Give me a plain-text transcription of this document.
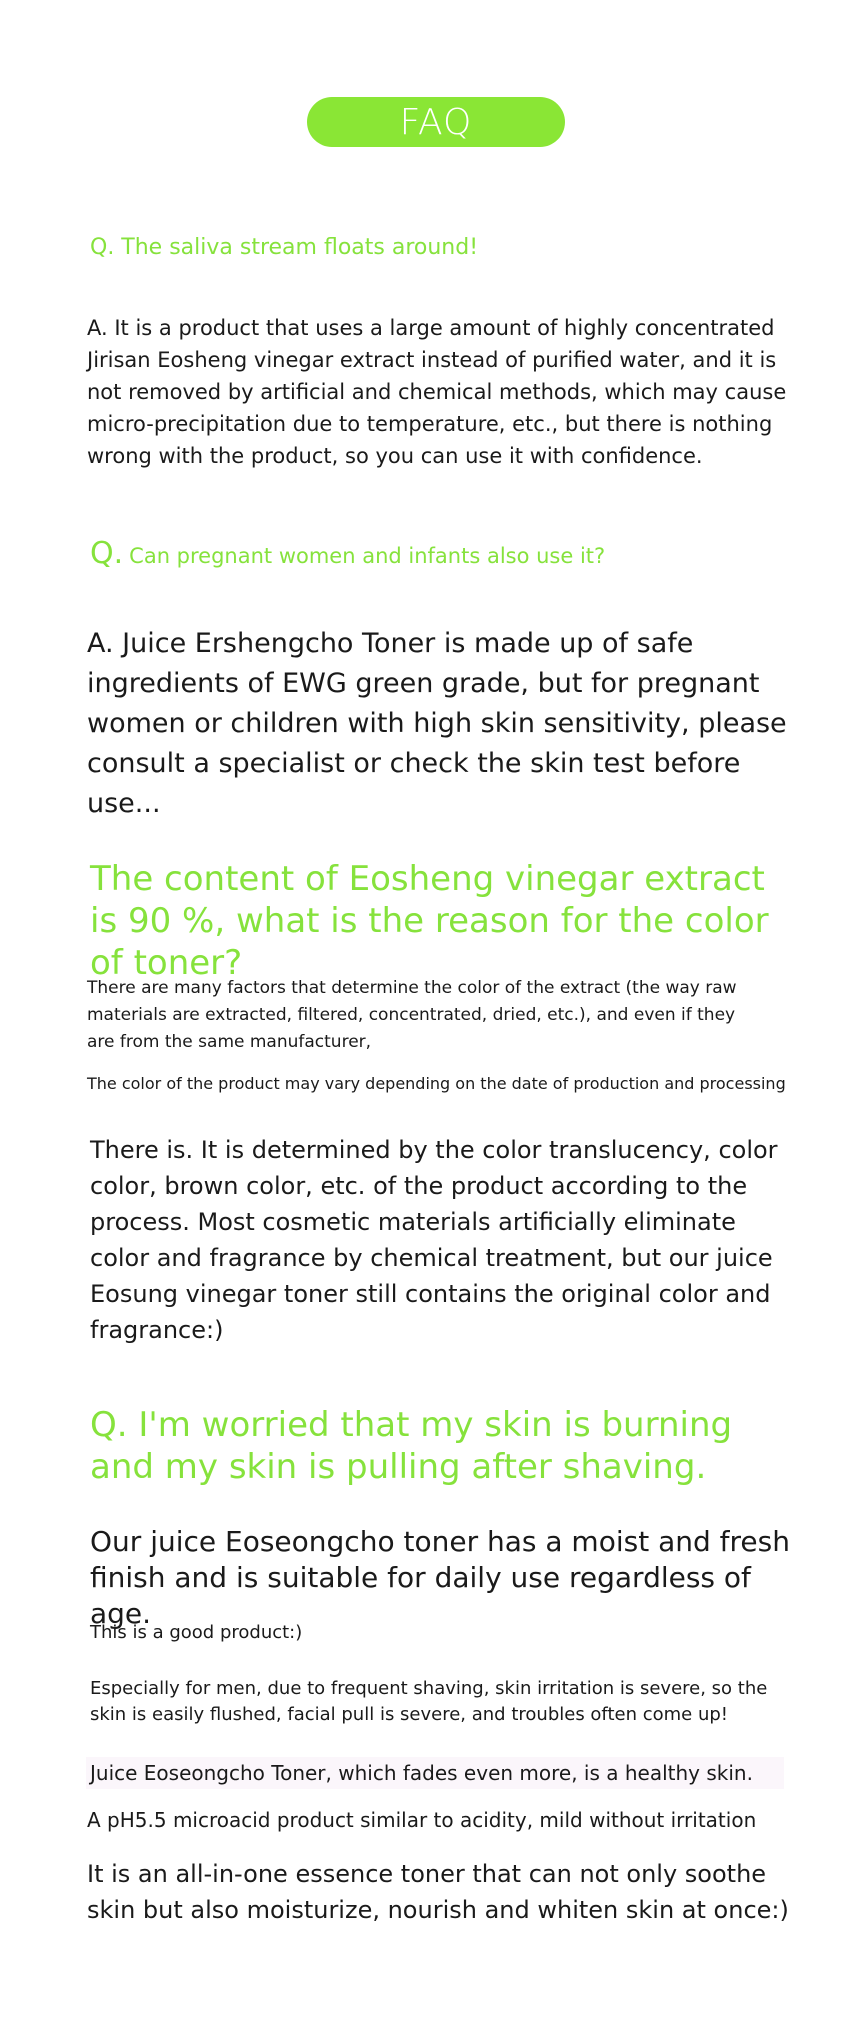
FAQ

Q. The saliva stream floats around!

A. It is a product that uses a large amount of highly concentrated Jirisan Eosheng vinegar extract instead of purified water, and it is not removed by artificial and chemical methods, which may cause micro-precipitation due to temperature, etc., but there is nothing wrong with the product, so you can use it with confidence.

Q. Can pregnant women and infants also use it?

A. Juice Ershengcho Toner is made up of safe ingredients of EWG green grade, but for pregnant women or children with high skin sensitivity, please consult a specialist or check the skin test before use...

The content of Eosheng vinegar extract is 90 %, what is the reason for the color of toner?

There are many factors that determine the color of the extract (the way raw materials are extracted, filtered, concentrated, dried, etc.), and even if they are from the same manufacturer,

The color of the product may vary depending on the date of production and processing

There is. It is determined by the color translucency, color color, brown color, etc. of the product according to the process. Most cosmetic materials artificially eliminate color and fragrance by chemical treatment, but our juice Eosung vinegar toner still contains the original color and fragrance:)

Q. I'm worried that my skin is burning and my skin is pulling after shaving.

Our juice Eoseongcho toner has a moist and fresh finish and is suitable for daily use regardless of age.

This is a good product:)

Especially for men, due to frequent shaving, skin irritation is severe, so the skin is easily flushed, facial pull is severe, and troubles often come up!

Juice Eoseongcho Toner, which fades even more, is a healthy skin.

A pH5.5 microacid product similar to acidity, mild without irritation

It is an all-in-one essence toner that can not only soothe skin but also moisturize, nourish and whiten skin at once:)
